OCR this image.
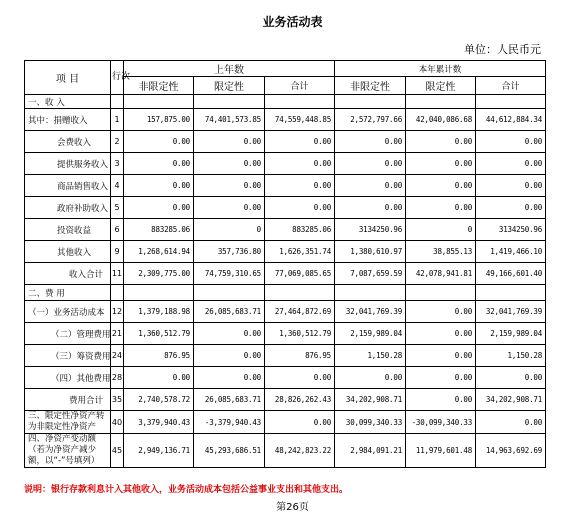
业务活动表
单位：人民币元
项 目	行次	上年数			本年累计数		
		非限定性	限定性	合计	非限定性	限定性	合计
一、收 入							
其中：捐赠收入	1	157,875.00	74,401,573.85	74,559,448.85	2,572,797.66	42,040,086.68	44,612,884.34
会费收入	2	0.00	0.00	0.00	0.00	0.00	0.00
提供服务收入	3	0.00	0.00	0.00	0.00	0.00	0.00
商品销售收入	4	0.00	0.00	0.00	0.00	0.00	0.00
政府补助收入	5	0.00	0.00	0.00	0.00	0.00	0.00
投资收益	6	883285.06	0	883285.06	3134250.96	0	3134250.96
其他收入	9	1,268,614.94	357,736.80	1,626,351.74	1,380,610.97	38,855.13	1,419,466.10
收入合计	11	2,309,775.00	74,759,310.65	77,069,085.65	7,087,659.59	42,078,941.81	49,166,601.40
二、费 用							
（一）业务活动成本	12	1,379,188.98	26,085,683.71	27,464,872.69	32,041,769.39	0.00	32,041,769.39
（二）管理费用	21	1,360,512.79	0.00	1,360,512.79	2,159,989.04	0.00	2,159,989.04
（三）筹资费用	24	876.95	0.00	876.95	1,150.28	0.00	1,150.28
（四）其他费用	28	0.00	0.00	0.00	0.00	0.00	0.00
费用合计	35	2,740,578.72	26,085,683.71	28,826,262.43	34,202,908.71	0.00	34,202,908.71
三、限定性净资产转为非限定性净资产	40	3,379,940.43	-3,379,940.43	0.00	30,099,340.33	-30,099,340.33	0.00
四、净资产变动额（若为净资产减少额，以“-”号填列）	45	2,949,136.71	45,293,686.51	48,242,823.22	2,984,091.21	11,979,601.48	14,963,692.69
说明：银行存款利息计入其他收入，业务活动成本包括公益事业支出和其他支出。
第26页
